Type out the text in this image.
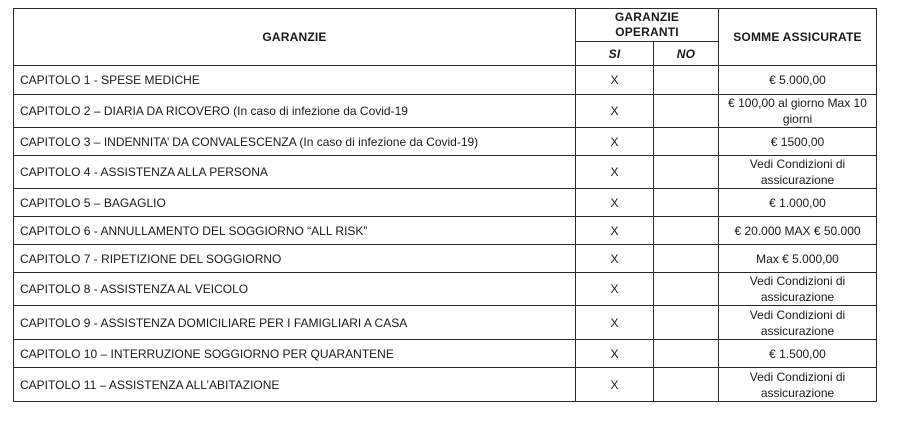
GARANZIE	GARANZIE OPERANTI		SOMME ASSICURATE
	SI	NO	
CAPITOLO 1 - SPESE MEDICHE	X		€ 5.000,00
CAPITOLO 2 – DIARIA DA RICOVERO (In caso di infezione da Covid-19	X		€ 100,00 al giorno Max 10 giorni
CAPITOLO 3 – INDENNITA’ DA CONVALESCENZA (In caso di infezione da Covid-19)	X		€ 1500,00
CAPITOLO 4 - ASSISTENZA ALLA PERSONA	X		Vedi Condizioni di assicurazione
CAPITOLO 5 – BAGAGLIO	X		€ 1.000,00
CAPITOLO 6 - ANNULLAMENTO DEL SOGGIORNO “ALL RISK”	X		€ 20.000 MAX € 50.000
CAPITOLO 7 - RIPETIZIONE DEL SOGGIORNO	X		Max € 5.000,00
CAPITOLO 8 - ASSISTENZA AL VEICOLO	X		Vedi Condizioni di assicurazione
CAPITOLO 9 - ASSISTENZA DOMICILIARE PER I FAMIGLIARI A CASA	X		Vedi Condizioni di assicurazione
CAPITOLO 10 – INTERRUZIONE SOGGIORNO PER QUARANTENE	X		€ 1.500,00
CAPITOLO 11 – ASSISTENZA ALL’ABITAZIONE	X		Vedi Condizioni di assicurazione
